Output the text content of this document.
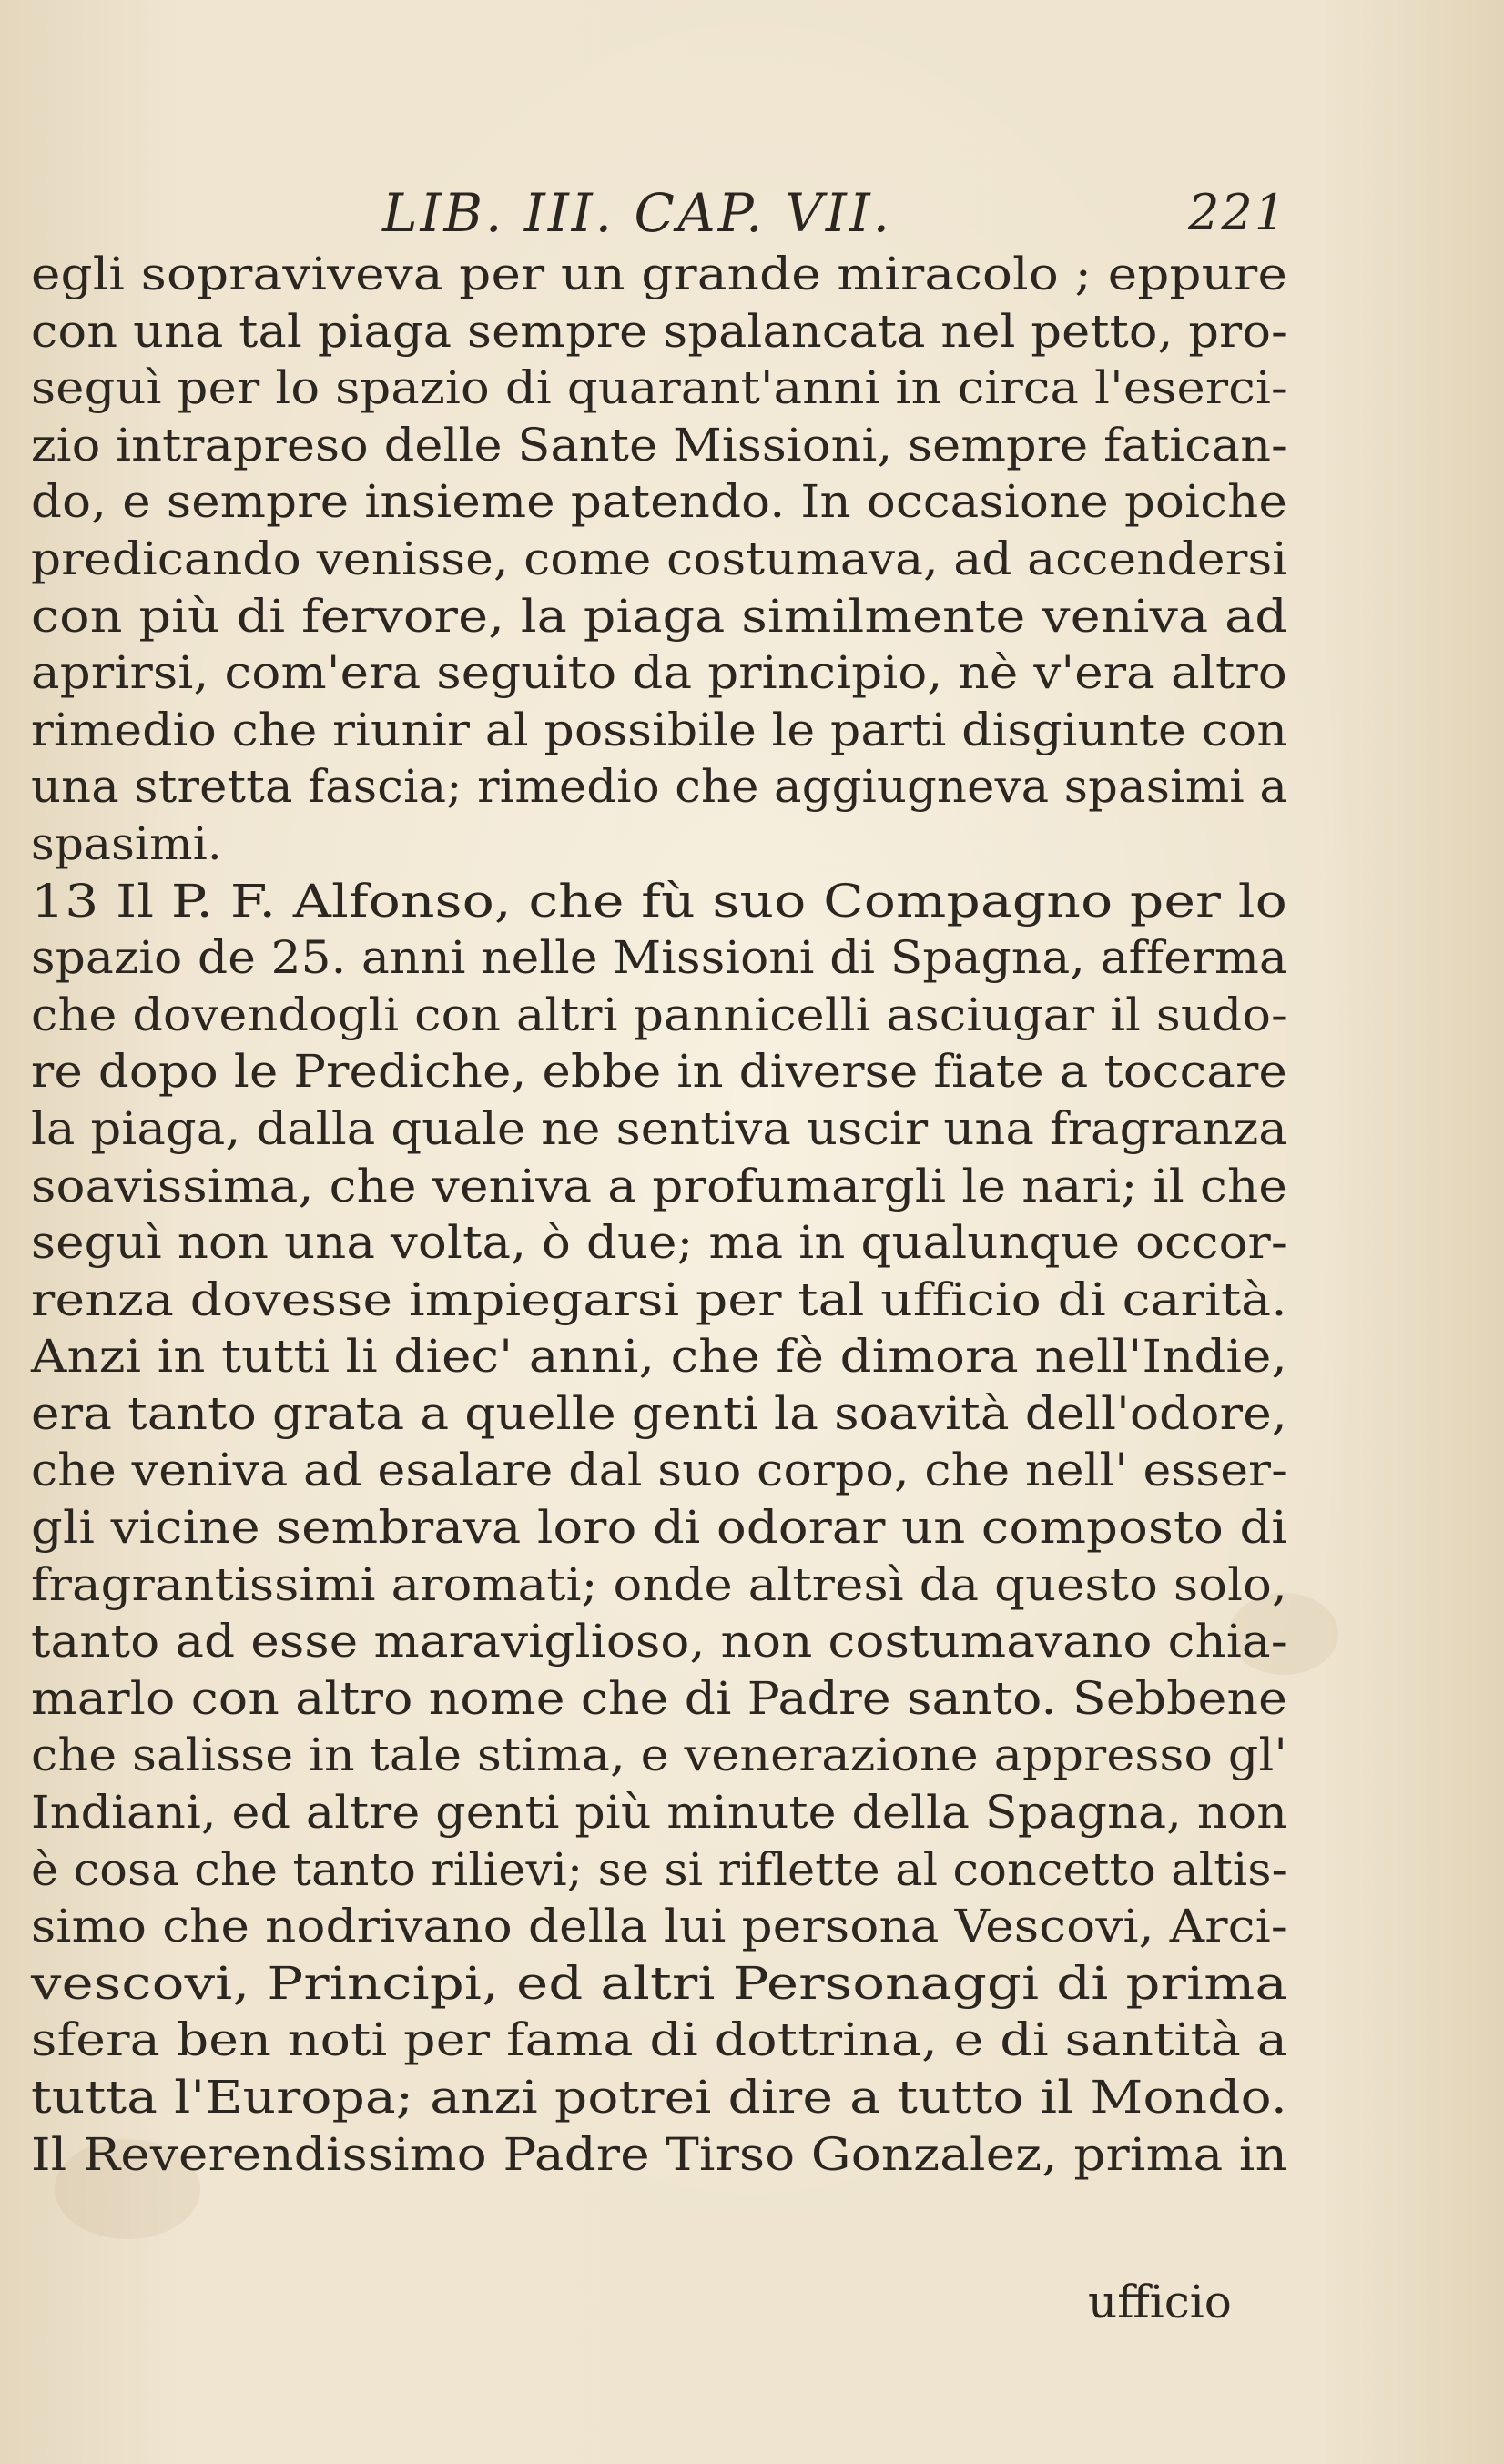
LIB. III. CAP. VII.	221
egli sopraviveva per un grande miracolo ; eppure
con una tal piaga sempre spalancata nel petto, pro-
seguì per lo spazio di quarant'anni in circa l'eserci-
zio intrapreso delle Sante Missioni, sempre fatican-
do, e sempre insieme patendo. In occasione poiche
predicando venisse, come costumava, ad accendersi
con più di fervore, la piaga similmente veniva ad
aprirsi, com'era seguito da principio, nè v'era altro
rimedio che riunir al possibile le parti disgiunte con
una stretta fascia; rimedio che aggiugneva spasimi a
spasimi.
13 Il P. F. Alfonso, che fù suo Compagno per lo
spazio de 25. anni nelle Missioni di Spagna, afferma
che dovendogli con altri pannicelli asciugar il sudo-
re dopo le Prediche, ebbe in diverse fiate a toccare
la piaga, dalla quale ne sentiva uscir una fragranza
soavissima, che veniva a profumargli le nari; il che
seguì non una volta, ò due; ma in qualunque occor-
renza dovesse impiegarsi per tal ufficio di carità.
Anzi in tutti li diec' anni, che fè dimora nell'Indie,
era tanto grata a quelle genti la soavità dell'odore,
che veniva ad esalare dal suo corpo, che nell' esser-
gli vicine sembrava loro di odorar un composto di
fragrantissimi aromati; onde altresì da questo solo,
tanto ad esse maraviglioso, non costumavano chia-
marlo con altro nome che di Padre santo. Sebbene
che salisse in tale stima, e venerazione appresso gl'
Indiani, ed altre genti più minute della Spagna, non
è cosa che tanto rilievi; se si riflette al concetto altis-
simo che nodrivano della lui persona Vescovi, Arci-
vescovi, Principi, ed altri Personaggi di prima
sfera ben noti per fama di dottrina, e di santità a
tutta l'Europa; anzi potrei dire a tutto il Mondo.
Il Reverendissimo Padre Tirso Gonzalez, prima in
ufficio
